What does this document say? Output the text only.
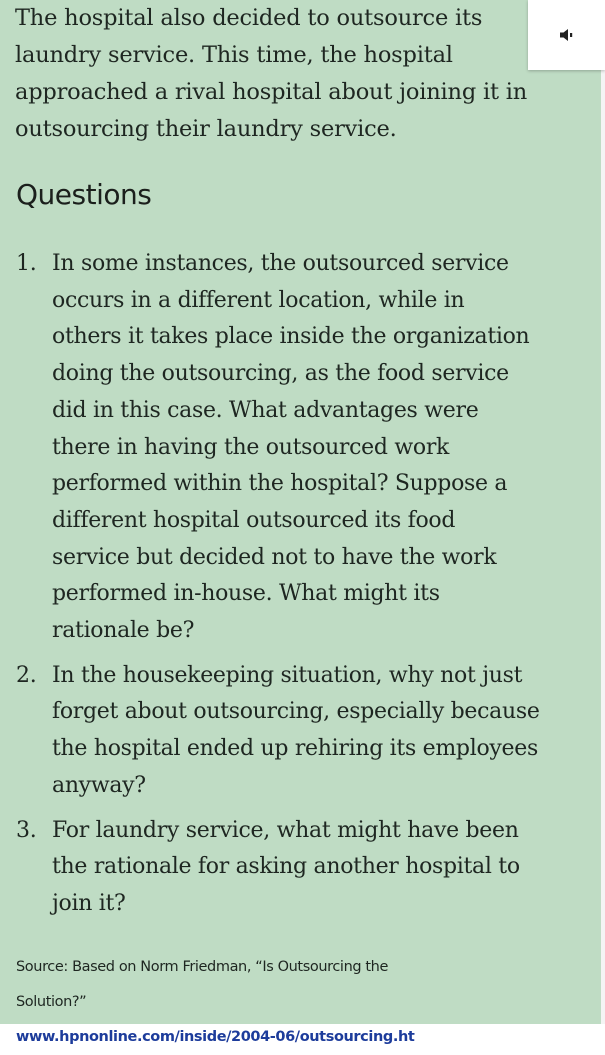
The hospital also decided to outsource its
laundry service. This time, the hospital
approached a rival hospital about joining it in
outsourcing their laundry service.

Questions
1. In some instances, the outsourced service
occurs in a different location, while in
others it takes place inside the organization
doing the outsourcing, as the food service
did in this case. What advantages were
there in having the outsourced work
performed within the hospital? Suppose a
different hospital outsourced its food
service but decided not to have the work
performed in-house. What might its
rationale be?
2. In the housekeeping situation, why not just
forget about outsourcing, especially because
the hospital ended up rehiring its employees
anyway?
3. For laundry service, what might have been
the rationale for asking another hospital to
join it?
Source: Based on Norm Friedman, “Is Outsourcing the
Solution?”
www.hpnonline.com/inside/2004-06/outsourcing.ht
